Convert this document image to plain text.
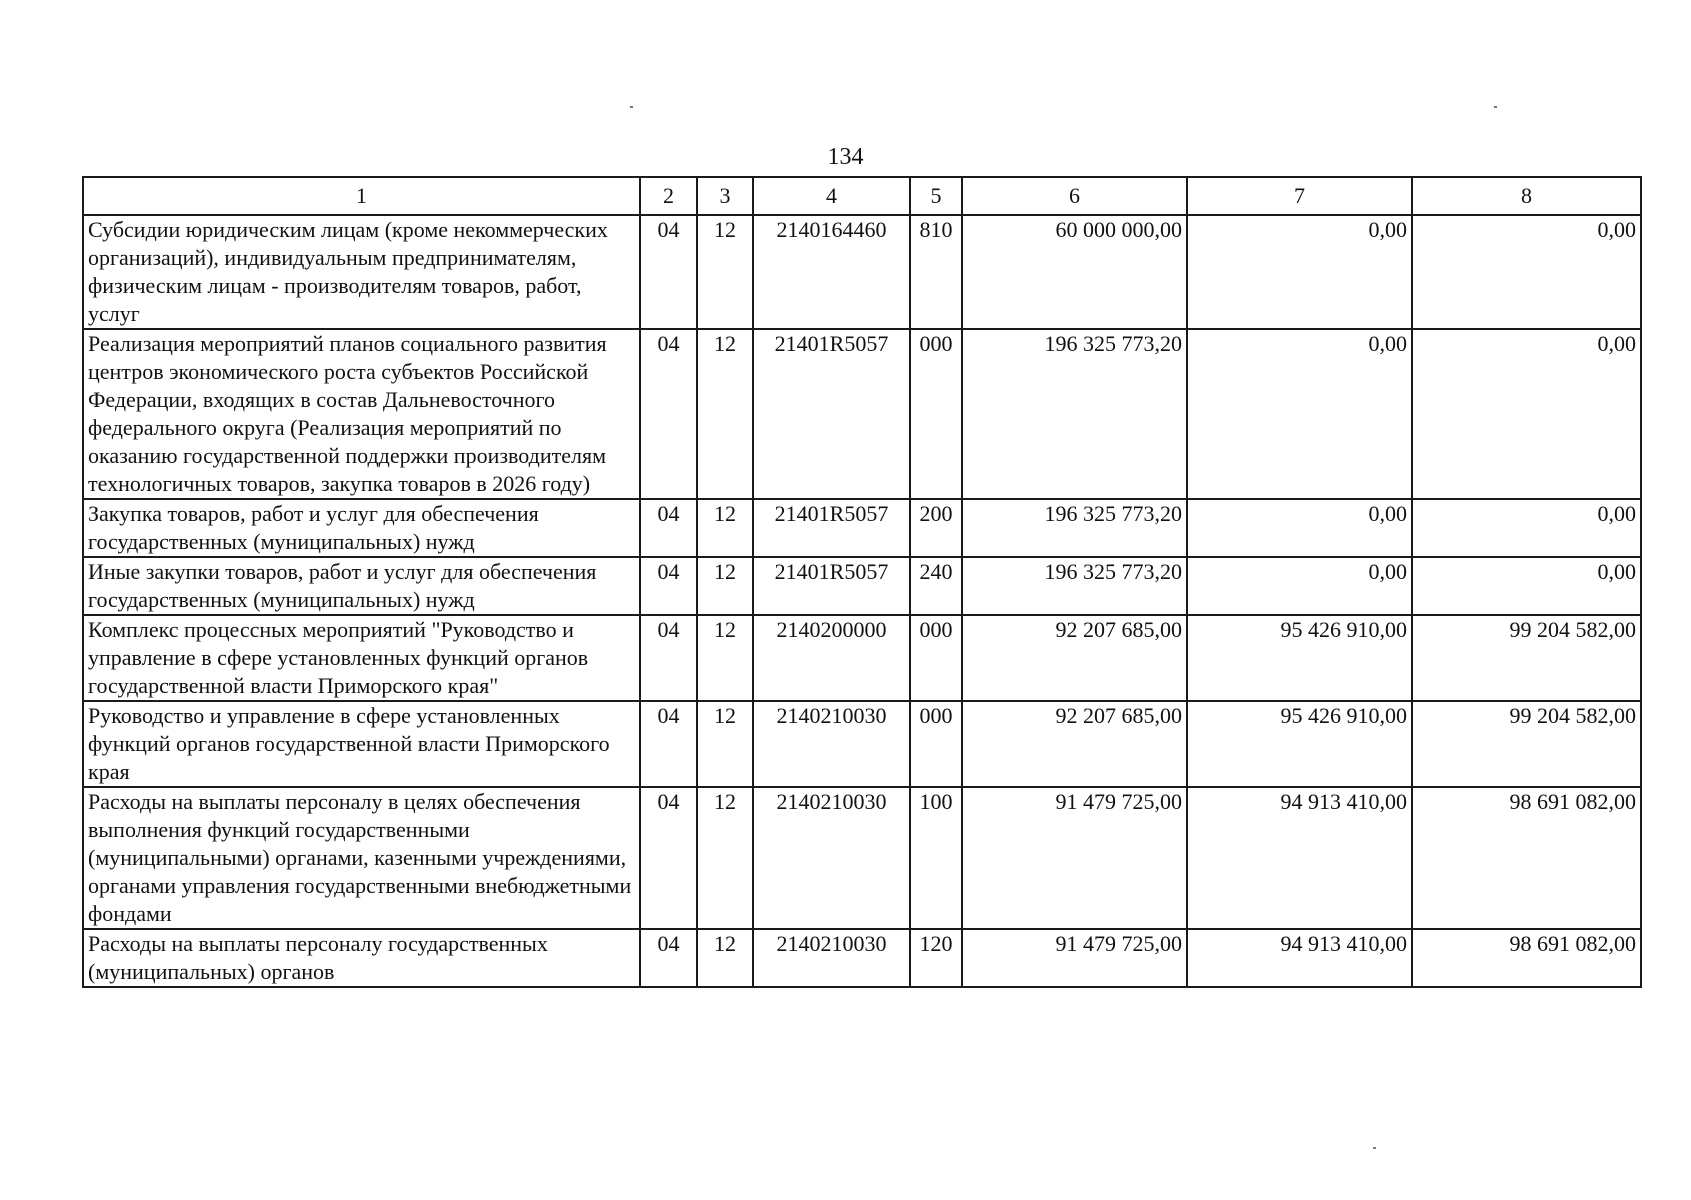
134
1	2	3	4	5	6	7	8
Субсидии юридическим лицам (кроме некоммерческих организаций), индивидуальным предпринимателям, физическим лицам - производителям товаров, работ, услуг	04	12	2140164460	810	60 000 000,00	0,00	0,00
Реализация мероприятий планов социального развития центров экономического роста субъектов Российской Федерации, входящих в состав Дальневосточного федерального округа (Реализация мероприятий по оказанию государственной поддержки производителям технологичных товаров, закупка товаров в 2026 году)	04	12	21401R5057	000	196 325 773,20	0,00	0,00
Закупка товаров, работ и услуг для обеспечения государственных (муниципальных) нужд	04	12	21401R5057	200	196 325 773,20	0,00	0,00
Иные закупки товаров, работ и услуг для обеспечения государственных (муниципальных) нужд	04	12	21401R5057	240	196 325 773,20	0,00	0,00
Комплекс процессных мероприятий "Руководство и управление в сфере установленных функций органов государственной власти Приморского края"	04	12	2140200000	000	92 207 685,00	95 426 910,00	99 204 582,00
Руководство и управление в сфере установленных функций органов государственной власти Приморского края	04	12	2140210030	000	92 207 685,00	95 426 910,00	99 204 582,00
Расходы на выплаты персоналу в целях обеспечения выполнения функций государственными (муниципальными) органами, казенными учреждениями, органами управления государственными внебюджетными фондами	04	12	2140210030	100	91 479 725,00	94 913 410,00	98 691 082,00
Расходы на выплаты персоналу государственных (муниципальных) органов	04	12	2140210030	120	91 479 725,00	94 913 410,00	98 691 082,00
